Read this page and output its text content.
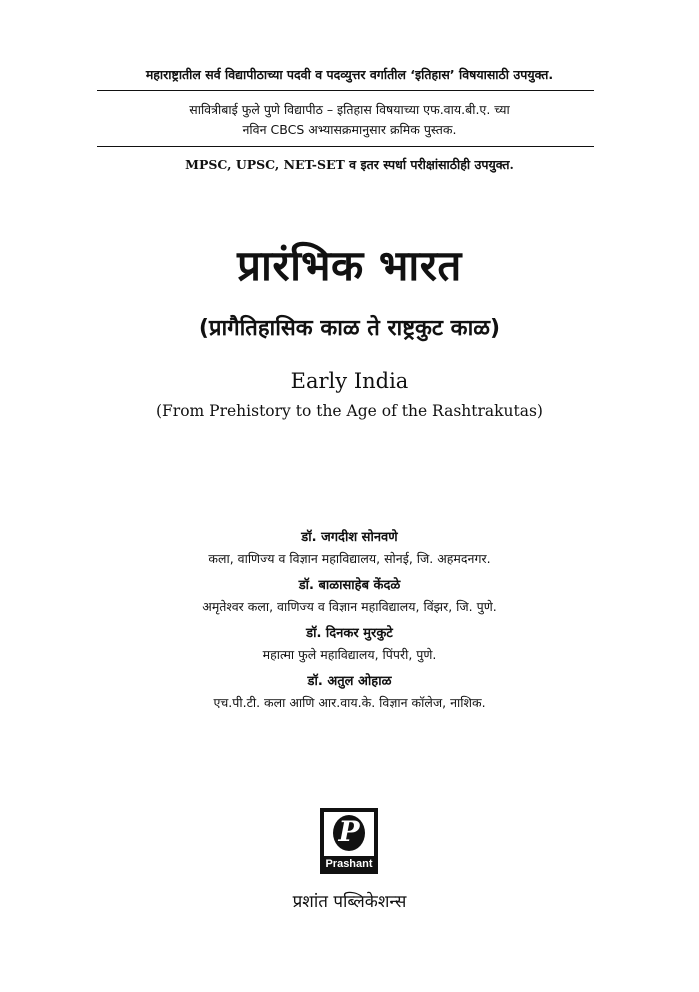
महाराष्ट्रातील सर्व विद्यापीठाच्या पदवी व पदव्युत्तर वर्गातील ‘इतिहास’ विषयासाठी उपयुक्त.
सावित्रीबाई फुले पुणे विद्यापीठ – इतिहास विषयाच्या एफ.वाय.बी.ए. च्या
नविन CBCS अभ्यासक्रमानुसार क्रमिक पुस्तक.
MPSC, UPSC, NET-SET व इतर स्पर्धा परीक्षांसाठीही उपयुक्त.
प्रारंभिक भारत
(प्रागैतिहासिक काळ ते राष्ट्रकुट काळ)
Early India
(From Prehistory to the Age of the Rashtrakutas)
डॉ. जगदीश सोनवणे
कला, वाणिज्य व विज्ञान महाविद्यालय, सोनई, जि. अहमदनगर.
डॉ. बाळासाहेब केंदळे
अमृतेश्वर कला, वाणिज्य व विज्ञान महाविद्यालय, विंझर, जि. पुणे.
डॉ. दिनकर मुरकुटे
महात्मा फुले महाविद्यालय, पिंपरी, पुणे.
डॉ. अतुल ओहाळ
एच.पी.टी. कला आणि आर.वाय.के. विज्ञान कॉलेज, नाशिक.
P
Prashant
प्रशांत पब्लिकेशन्स
